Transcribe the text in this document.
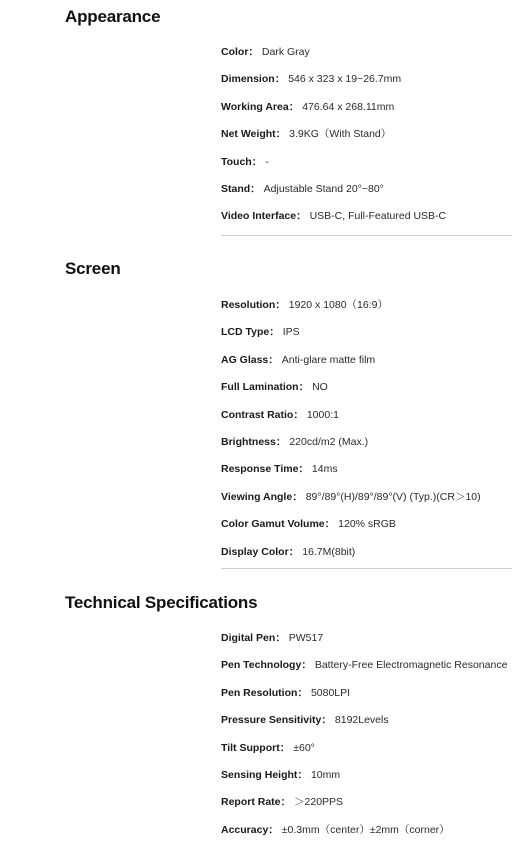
Appearance
Color： Dark Gray
Dimension： 546 x 323 x 19~26.7mm
Working Area： 476.64 x 268.11mm
Net Weight： 3.9KG（With Stand）
Touch： -
Stand： Adjustable Stand 20°~80°
Video Interface： USB-C, Full-Featured USB-C
Screen
Resolution： 1920 x 1080（16:9）
LCD Type： IPS
AG Glass： Anti-glare matte film
Full Lamination： NO
Contrast Ratio： 1000:1
Brightness： 220cd/m2 (Max.)
Response Time： 14ms
Viewing Angle： 89°/89°(H)/89°/89°(V) (Typ.)(CR＞10)
Color Gamut Volume： 120% sRGB
Display Color： 16.7M(8bit)
Technical Specifications
Digital Pen： PW517
Pen Technology： Battery-Free Electromagnetic Resonance
Pen Resolution： 5080LPI
Pressure Sensitivity： 8192Levels
Tilt Support： ±60°
Sensing Height： 10mm
Report Rate： ＞220PPS
Accuracy： ±0.3mm（center）±2mm（corner）
